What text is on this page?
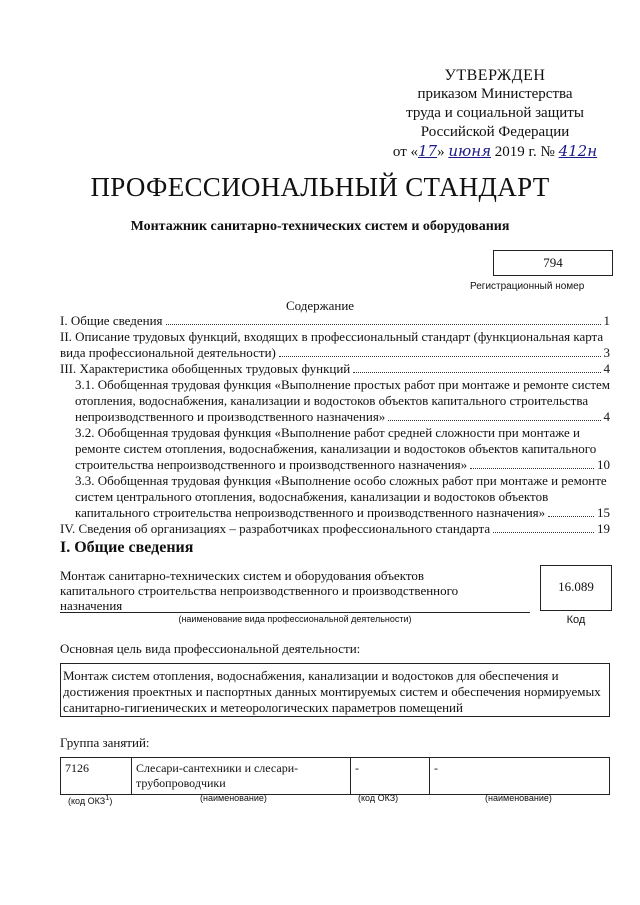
УТВЕРЖДЕН
приказом Министерства
труда и социальной защиты
Российской Федерации
от «17» июня 2019 г. № 412н
ПРОФЕССИОНАЛЬНЫЙ СТАНДАРТ
Монтажник санитарно-технических систем и оборудования
794
Регистрационный номер
Содержание
I. Общие сведения	1
II. Описание трудовых функций, входящих в профессиональный стандарт (функциональная карта
вида профессиональной деятельности)	3
III. Характеристика обобщенных трудовых функций	4
3.1. Обобщенная трудовая функция «Выполнение простых работ при монтаже и ремонте систем
отопления, водоснабжения, канализации и водостоков объектов капитального строительства
непроизводственного и производственного назначения»	4
3.2. Обобщенная трудовая функция «Выполнение работ средней сложности при монтаже и
ремонте систем отопления, водоснабжения, канализации и водостоков объектов капитального
строительства непроизводственного и производственного назначения»	10
3.3. Обобщенная трудовая функция «Выполнение особо сложных работ при монтаже и ремонте
систем центрального отопления, водоснабжения, канализации и водостоков объектов
капитального строительства непроизводственного и производственного назначения»	15
IV. Сведения об организациях – разработчиках профессионального стандарта	19
I. Общие сведения
Монтаж санитарно-технических систем и оборудования объектов капитального строительства непроизводственного и производственного назначения
(наименование вида профессиональной деятельности)
16.089
Код
Основная цель вида профессиональной деятельности:
Монтаж систем отопления, водоснабжения, канализации и водостоков для обеспечения и достижения проектных и паспортных данных монтируемых систем и обеспечения нормируемых санитарно-гигиенических и метеорологических параметров помещений
Группа занятий:
7126	Слесари-сантехники и слесари-трубопроводчики	-	-
(код ОКЗ$^1$)	(наименование)	(код ОКЗ)	(наименование)
